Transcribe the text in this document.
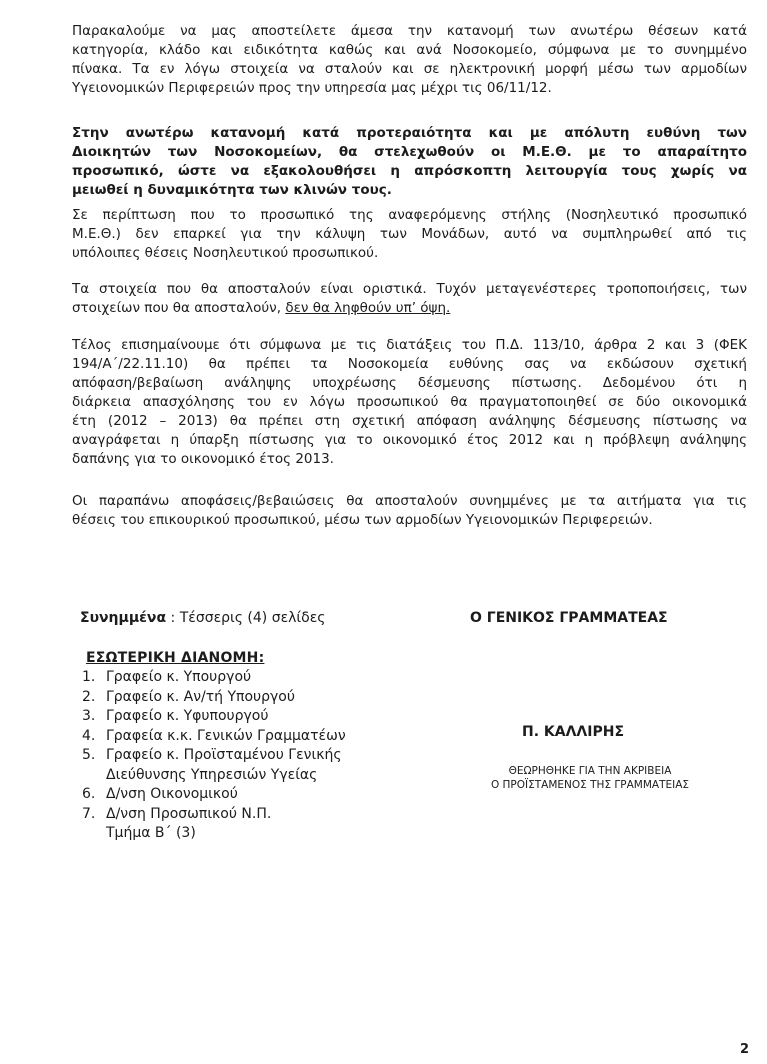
Παρακαλούμε να μας αποστείλετε άμεσα την κατανομή των ανωτέρω θέσεων κατά
κατηγορία, κλάδο και ειδικότητα καθώς και ανά Νοσοκομείο, σύμφωνα με το συνημμένο
πίνακα. Τα εν λόγω στοιχεία να σταλούν και σε ηλεκτρονική μορφή μέσω των αρμοδίων
Υγειονομικών Περιφερειών προς την υπηρεσία μας μέχρι τις 06/11/12.
Στην ανωτέρω κατανομή κατά προτεραιότητα και με απόλυτη ευθύνη των
Διοικητών των Νοσοκομείων, θα στελεχωθούν οι Μ.Ε.Θ. με το απαραίτητο
προσωπικό, ώστε να εξακολουθήσει η απρόσκοπτη λειτουργία τους χωρίς να
μειωθεί η δυναμικότητα των κλινών τους.
Σε περίπτωση που το προσωπικό της αναφερόμενης στήλης (Νοσηλευτικό προσωπικό
Μ.Ε.Θ.) δεν επαρκεί για την κάλυψη των Μονάδων, αυτό να συμπληρωθεί από τις
υπόλοιπες θέσεις Νοσηλευτικού προσωπικού.
Τα στοιχεία που θα αποσταλούν είναι οριστικά. Τυχόν μεταγενέστερες τροποποιήσεις, των
στοιχείων που θα αποσταλούν, δεν θα ληφθούν υπ’ όψη.
Τέλος επισημαίνουμε ότι σύμφωνα με τις διατάξεις του Π.Δ. 113/10, άρθρα 2 και 3 (ΦΕΚ
194/Α΄/22.11.10) θα πρέπει τα Νοσοκομεία ευθύνης σας να εκδώσουν σχετική
απόφαση/βεβαίωση ανάληψης υποχρέωσης δέσμευσης πίστωσης. Δεδομένου ότι η
διάρκεια απασχόλησης του εν λόγω προσωπικού θα πραγματοποιηθεί σε δύο οικονομικά
έτη (2012 – 2013) θα πρέπει στη σχετική απόφαση ανάληψης δέσμευσης πίστωσης να
αναγράφεται η ύπαρξη πίστωσης για το οικονομικό έτος 2012 και η πρόβλεψη ανάληψης
δαπάνης για το οικονομικό έτος 2013.
Οι παραπάνω αποφάσεις/βεβαιώσεις θα αποσταλούν συνημμένες με τα αιτήματα για τις
θέσεις του επικουρικού προσωπικού, μέσω των αρμοδίων Υγειονομικών Περιφερειών.
Συνημμένα : Τέσσερις (4) σελίδες
ΕΣΩΤΕΡΙΚΗ ΔΙΑΝΟΜΗ:
1. Γραφείο κ. Υπουργού
2. Γραφείο κ. Αν/τή Υπουργού
3. Γραφείο κ. Υφυπουργού
4. Γραφεία κ.κ. Γενικών Γραμματέων
5. Γραφείο κ. Προϊσταμένου Γενικής
Διεύθυνσης Υπηρεσιών Υγείας
6. Δ/νση Οικονομικού
7. Δ/νση Προσωπικού Ν.Π.
Τμήμα Β΄ (3)
Ο ΓΕΝΙΚΟΣ ΓΡΑΜΜΑΤΕΑΣ
Π. ΚΑΛΛΙΡΗΣ
ΘΕΩΡΗΘΗΚΕ ΓΙΑ ΤΗΝ ΑΚΡΙΒΕΙΑ
Ο ΠΡΟΪΣΤΑΜΕΝΟΣ ΤΗΣ ΓΡΑΜΜΑΤΕΙΑΣ
2
